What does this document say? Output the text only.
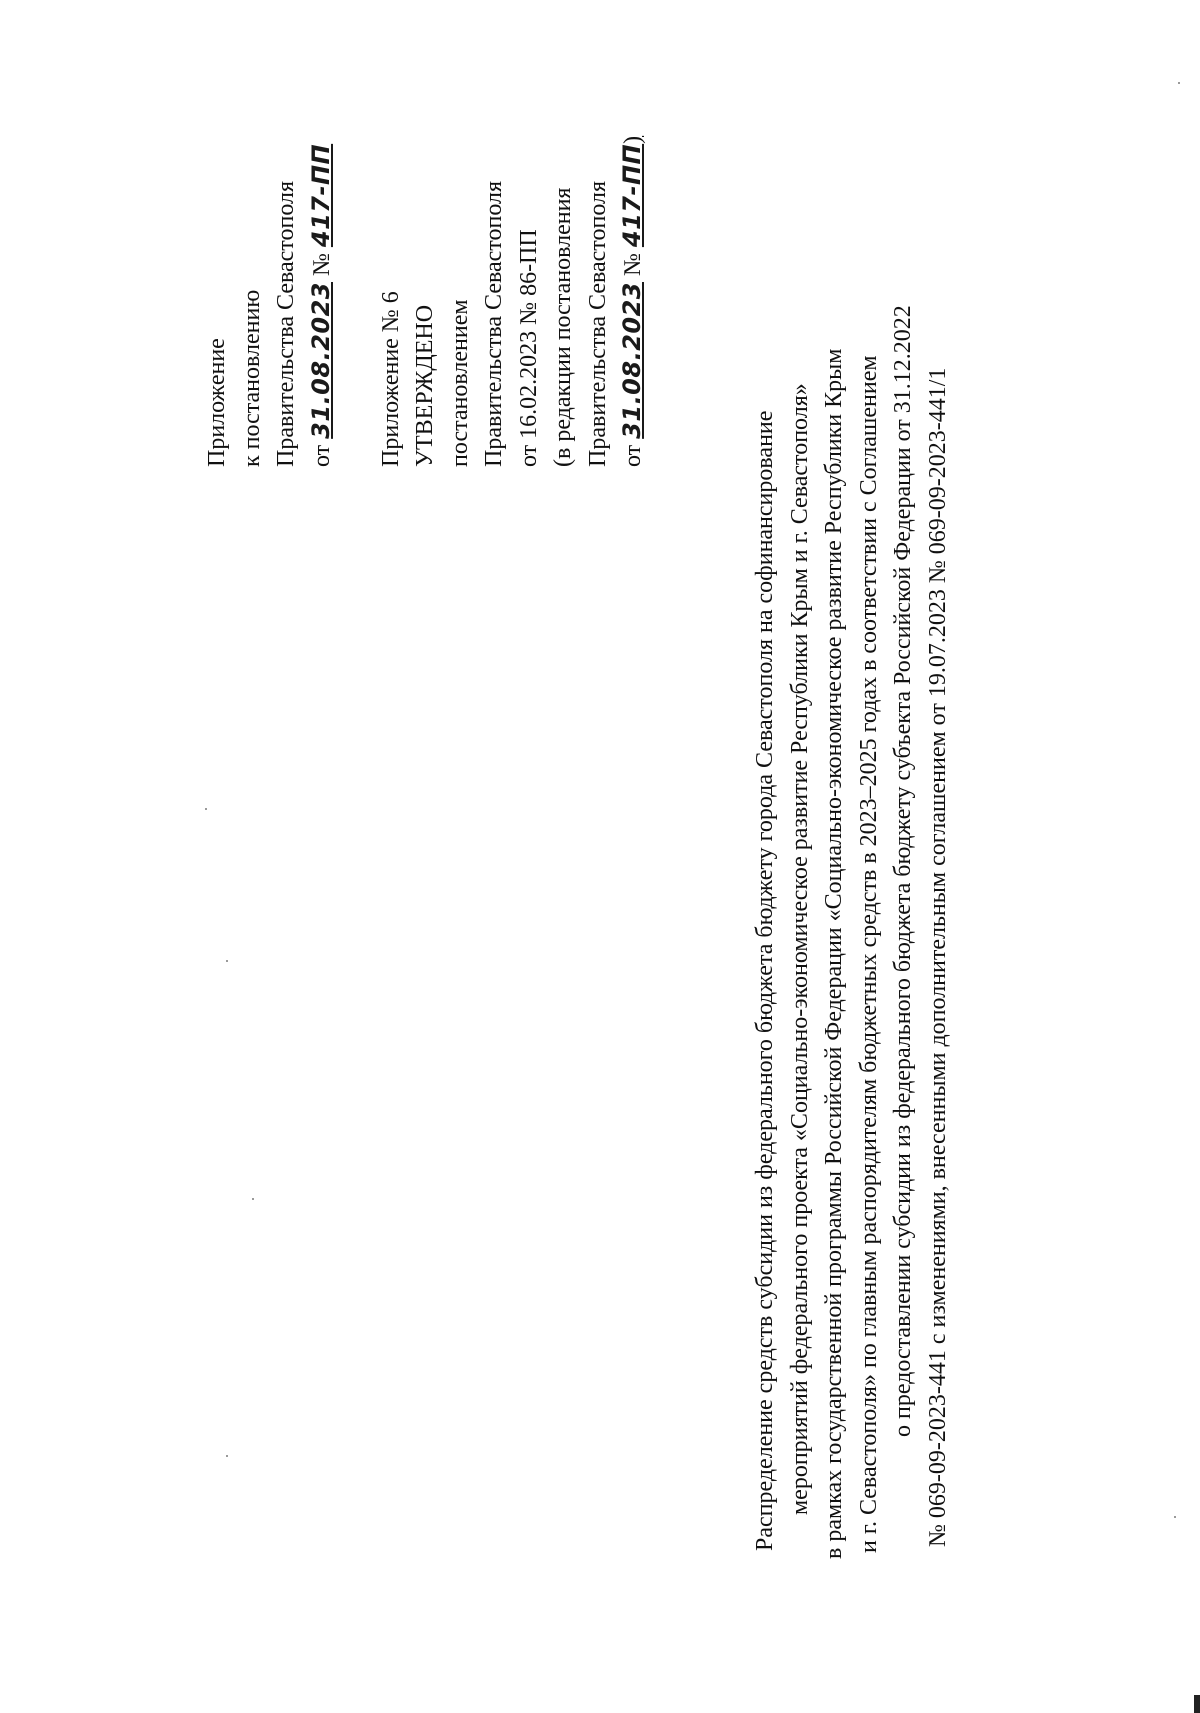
Приложение к постановлению Правительства Севастополя от 31.08.2023 № 417-ПП
Приложение № 6 УТВЕРЖДЕНО постановлением Правительства Севастополя от 16.02.2023 № 86-ПП (в редакции постановления Правительства Севастополя от 31.08.2023 № 417-ПП)
Распределение средств субсидии из федерального бюджета бюджету города Севастополя на софинансирование мероприятий федерального проекта «Социально-экономическое развитие Республики Крым и г. Севастополя» в рамках государственной программы Российской Федерации «Социально-экономическое развитие Республики Крым и г. Севастополя» по главным распорядителям бюджетных средств в 2023–2025 годах в соответствии с Соглашением о предоставлении субсидии из федерального бюджета бюджету субъекта Российской Федерации от 31.12.2022 № 069-09-2023-441 с изменениями, внесенными дополнительным соглашением от 19.07.2023 № 069-09-2023-441/1
